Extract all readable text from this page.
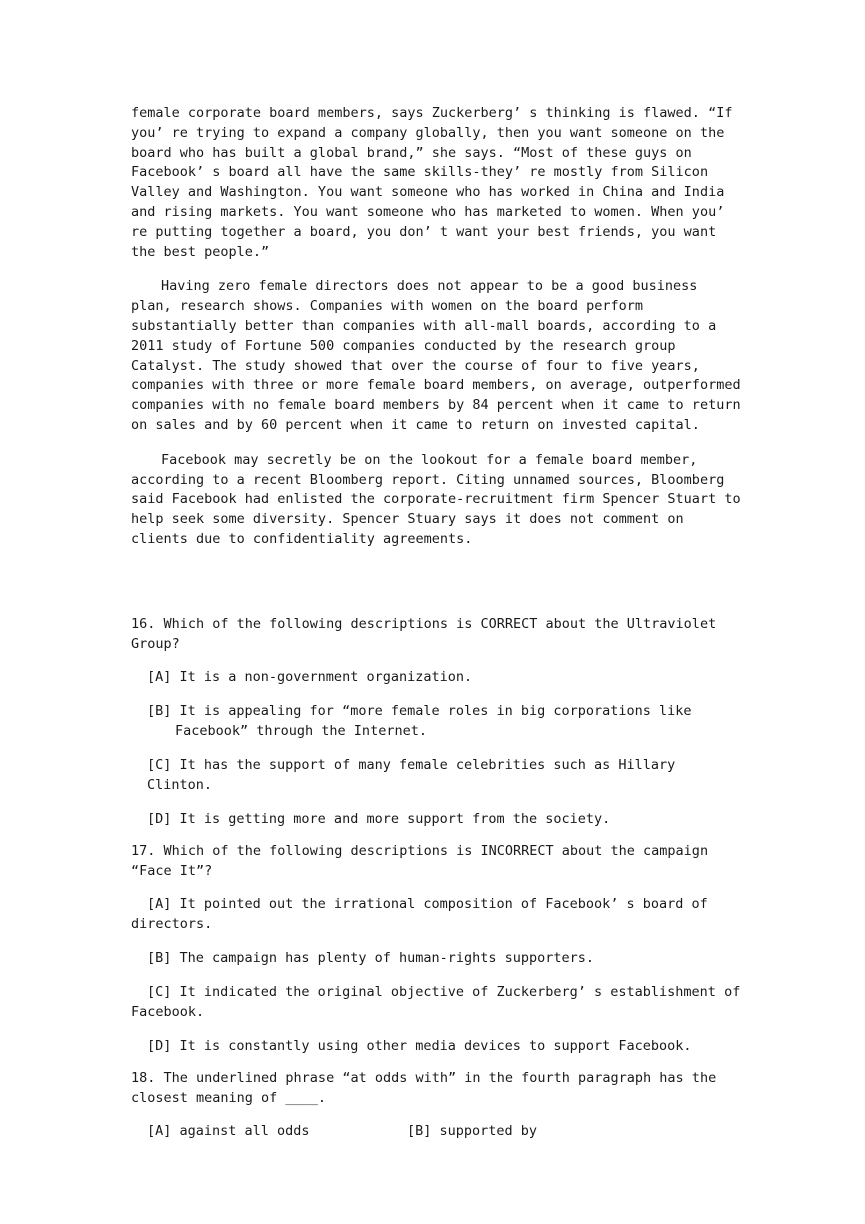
female corporate board members, says Zuckerberg’ s thinking is flawed. “If you’ re trying to expand a company globally, then you want someone on the board who has built a global brand,” she says. “Most of these guys on Facebook’ s board all have the same skills-they’ re mostly from Silicon Valley and Washington. You want someone who has worked in China and India and rising markets. You want someone who has marketed to women. When you’ re putting together a board, you don’ t want your best friends, you want the best people.”

Having zero female directors does not appear to be a good business plan, research shows. Companies with women on the board perform substantially better than companies with all-mall boards, according to a 2011 study of Fortune 500 companies conducted by the research group Catalyst. The study showed that over the course of four to five years, companies with three or more female board members, on average, outperformed companies with no female board members by 84 percent when it came to return on sales and by 60 percent when it came to return on invested capital.

Facebook may secretly be on the lookout for a female board member, according to a recent Bloomberg report. Citing unnamed sources, Bloomberg said Facebook had enlisted the corporate-recruitment firm Spencer Stuart to help seek some diversity. Spencer Stuary says it does not comment on clients due to confidentiality agreements.

16. Which of the following descriptions is CORRECT about the Ultraviolet Group?

[A] It is a non-government organization.

[B] It is appealing for “more female roles in big corporations like Facebook” through the Internet.

[C] It has the support of many female celebrities such as Hillary Clinton.

[D] It is getting more and more support from the society.

17. Which of the following descriptions is INCORRECT about the campaign “Face It”?

[A] It pointed out the irrational composition of Facebook’ s board of directors.

[B] The campaign has plenty of human-rights supporters.

[C] It indicated the original objective of Zuckerberg’ s establishment of Facebook.

[D] It is constantly using other media devices to support Facebook.

18. The underlined phrase “at odds with” in the fourth paragraph has the closest meaning of ____.

[A] against all odds	[B] supported by
